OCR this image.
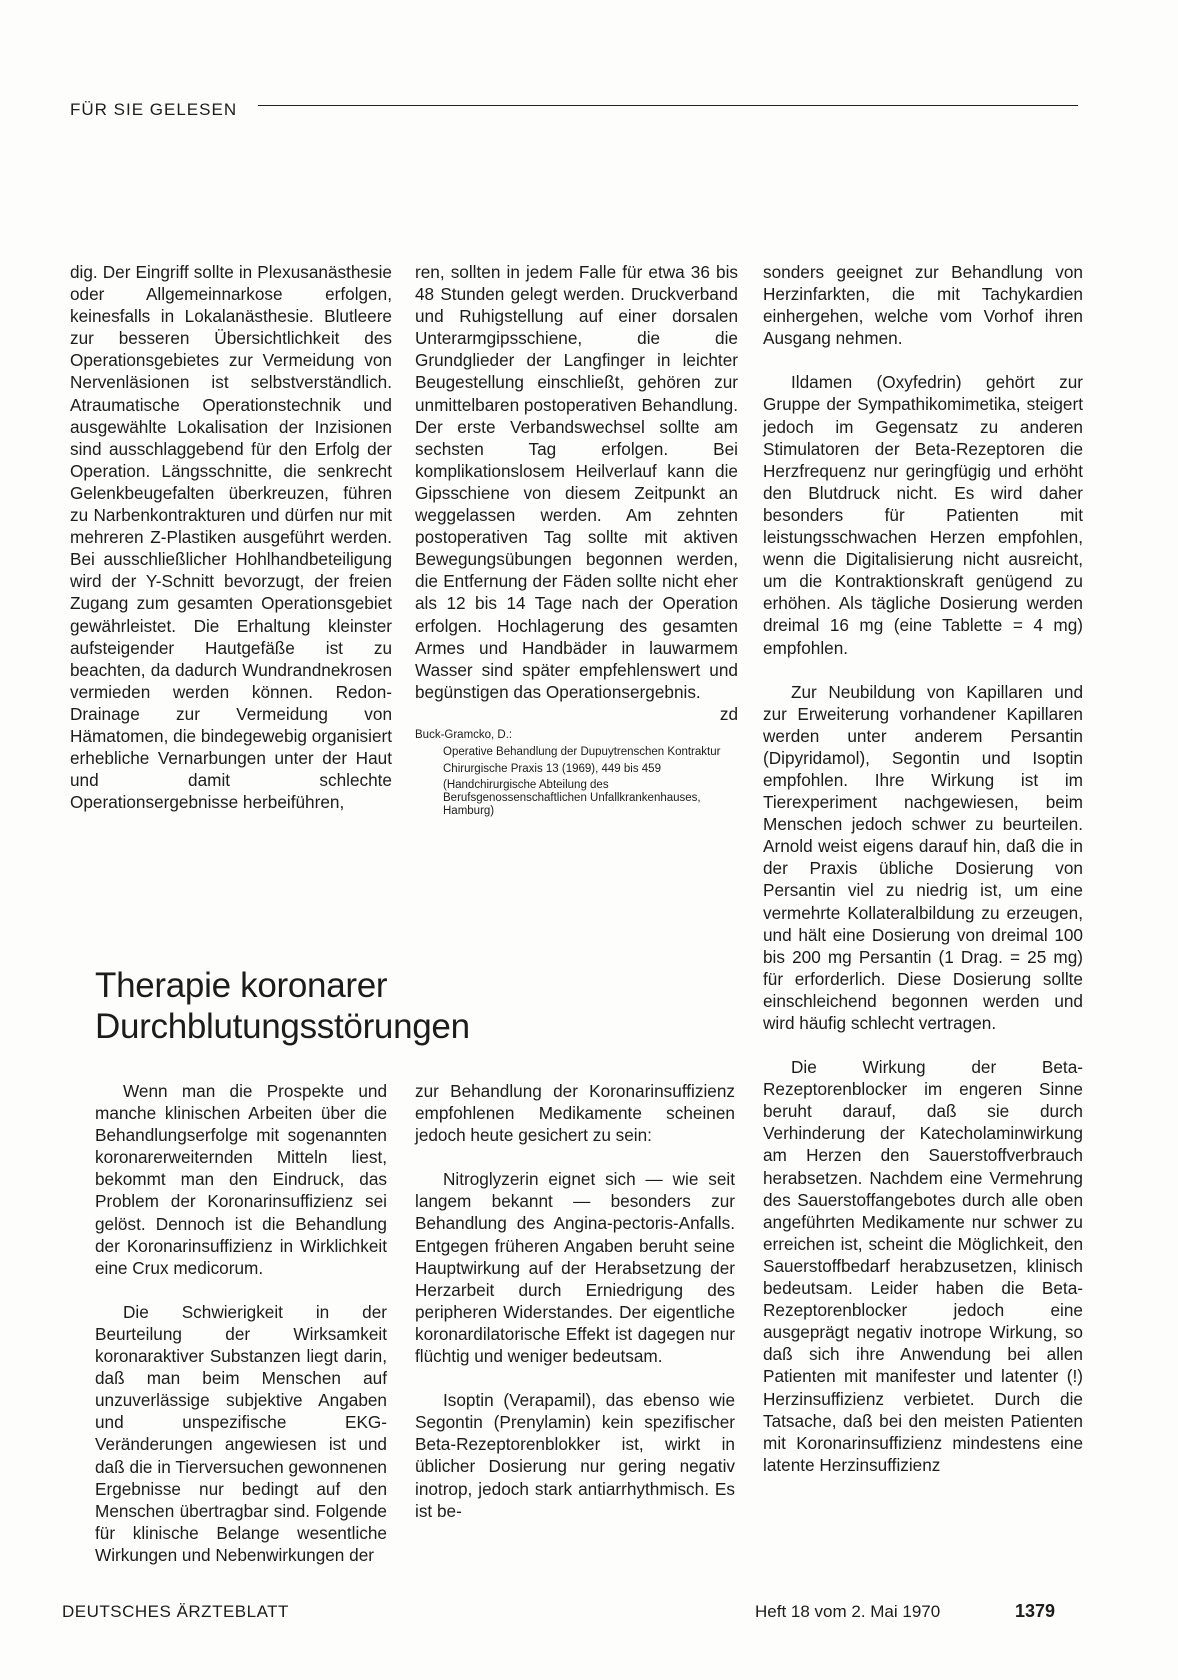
FÜR SIE GELESEN

dig. Der Eingriff sollte in Plexusanästhesie oder Allgemeinnarkose erfolgen, keinesfalls in Lokalanästhesie. Blutleere zur besseren Übersichtlichkeit des Operationsgebietes zur Vermeidung von Nervenläsionen ist selbstverständlich. Atraumatische Operationstechnik und ausgewählte Lokalisation der Inzisionen sind ausschlaggebend für den Erfolg der Operation. Längsschnitte, die senkrecht Gelenkbeugefalten überkreuzen, führen zu Narbenkontrakturen und dürfen nur mit mehreren Z-Plastiken ausgeführt werden. Bei ausschließlicher Hohlhandbeteiligung wird der Y-Schnitt bevorzugt, der freien Zugang zum gesamten Operationsgebiet gewährleistet. Die Erhaltung kleinster aufsteigender Hautgefäße ist zu beachten, da dadurch Wundrandnekrosen vermieden werden können. Redon-Drainage zur Vermeidung von Hämatomen, die bindegewebig organisiert erhebliche Vernarbungen unter der Haut und damit schlechte Operationsergebnisse herbeiführen,

ren, sollten in jedem Falle für etwa 36 bis 48 Stunden gelegt werden. Druckverband und Ruhigstellung auf einer dorsalen Unterarmgipsschiene, die die Grundglieder der Langfinger in leichter Beugestellung einschließt, gehören zur unmittelbaren postoperativen Behandlung. Der erste Verbandswechsel sollte am sechsten Tag erfolgen. Bei komplikationslosem Heilverlauf kann die Gipsschiene von diesem Zeitpunkt an weggelassen werden. Am zehnten postoperativen Tag sollte mit aktiven Bewegungsübungen begonnen werden, die Entfernung der Fäden sollte nicht eher als 12 bis 14 Tage nach der Operation erfolgen. Hochlagerung des gesamten Armes und Handbäder in lauwarmem Wasser sind später empfehlenswert und begünstigen das Operationsergebnis.

zd
Buck-Gramcko, D.:
Operative Behandlung der Dupuytrenschen Kontraktur
Chirurgische Praxis 13 (1969), 449 bis 459
(Handchirurgische Abteilung des Berufsgenossenschaftlichen Unfallkrankenhauses, Hamburg)

sonders geeignet zur Behandlung von Herzinfarkten, die mit Tachykardien einhergehen, welche vom Vorhof ihren Ausgang nehmen.

Ildamen (Oxyfedrin) gehört zur Gruppe der Sympathikomimetika, steigert jedoch im Gegensatz zu anderen Stimulatoren der Beta-Rezeptoren die Herzfrequenz nur geringfügig und erhöht den Blutdruck nicht. Es wird daher besonders für Patienten mit leistungsschwachen Herzen empfohlen, wenn die Digitalisierung nicht ausreicht, um die Kontraktionskraft genügend zu erhöhen. Als tägliche Dosierung werden dreimal 16 mg (eine Tablette = 4 mg) empfohlen.

Zur Neubildung von Kapillaren und zur Erweiterung vorhandener Kapillaren werden unter anderem Persantin (Dipyridamol), Segontin und Isoptin empfohlen. Ihre Wirkung ist im Tierexperiment nachgewiesen, beim Menschen jedoch schwer zu beurteilen. Arnold weist eigens darauf hin, daß die in der Praxis übliche Dosierung von Persantin viel zu niedrig ist, um eine vermehrte Kollateralbildung zu erzeugen, und hält eine Dosierung von dreimal 100 bis 200 mg Persantin (1 Drag. = 25 mg) für erforderlich. Diese Dosierung sollte einschleichend begonnen werden und wird häufig schlecht vertragen.

Die Wirkung der Beta-Rezeptorenblocker im engeren Sinne beruht darauf, daß sie durch Verhinderung der Katecholaminwirkung am Herzen den Sauerstoffverbrauch herabsetzen. Nachdem eine Vermehrung des Sauerstoffangebotes durch alle oben angeführten Medikamente nur schwer zu erreichen ist, scheint die Möglichkeit, den Sauerstoffbedarf herabzusetzen, klinisch bedeutsam. Leider haben die Beta-Rezeptorenblocker jedoch eine ausgeprägt negativ inotrope Wirkung, so daß sich ihre Anwendung bei allen Patienten mit manifester und latenter (!) Herzinsuffizienz verbietet. Durch die Tatsache, daß bei den meisten Patienten mit Koronarinsuffizienz mindestens eine latente Herzinsuffizienz

Therapie koronarer
Durchblutungsstörungen

Wenn man die Prospekte und manche klinischen Arbeiten über die Behandlungserfolge mit sogenannten koronarerweiternden Mitteln liest, bekommt man den Eindruck, das Problem der Koronarinsuffizienz sei gelöst. Dennoch ist die Behandlung der Koronarinsuffizienz in Wirklichkeit eine Crux medicorum.

Die Schwierigkeit in der Beurteilung der Wirksamkeit koronaraktiver Substanzen liegt darin, daß man beim Menschen auf unzuverlässige subjektive Angaben und unspezifische EKG-Veränderungen angewiesen ist und daß die in Tierversuchen gewonnenen Ergebnisse nur bedingt auf den Menschen übertragbar sind. Folgende für klinische Belange wesentliche Wirkungen und Nebenwirkungen der

zur Behandlung der Koronarinsuffizienz empfohlenen Medikamente scheinen jedoch heute gesichert zu sein:

Nitroglyzerin eignet sich — wie seit langem bekannt — besonders zur Behandlung des Angina-pectoris-Anfalls. Entgegen früheren Angaben beruht seine Hauptwirkung auf der Herabsetzung der Herzarbeit durch Erniedrigung des peripheren Widerstandes. Der eigentliche koronardilatorische Effekt ist dagegen nur flüchtig und weniger bedeutsam.

Isoptin (Verapamil), das ebenso wie Segontin (Prenylamin) kein spezifischer Beta-Rezeptorenblokker ist, wirkt in üblicher Dosierung nur gering negativ inotrop, jedoch stark antiarrhythmisch. Es ist be-

DEUTSCHES ÄRZTEBLATT	Heft 18 vom 2. Mai 1970	1379
